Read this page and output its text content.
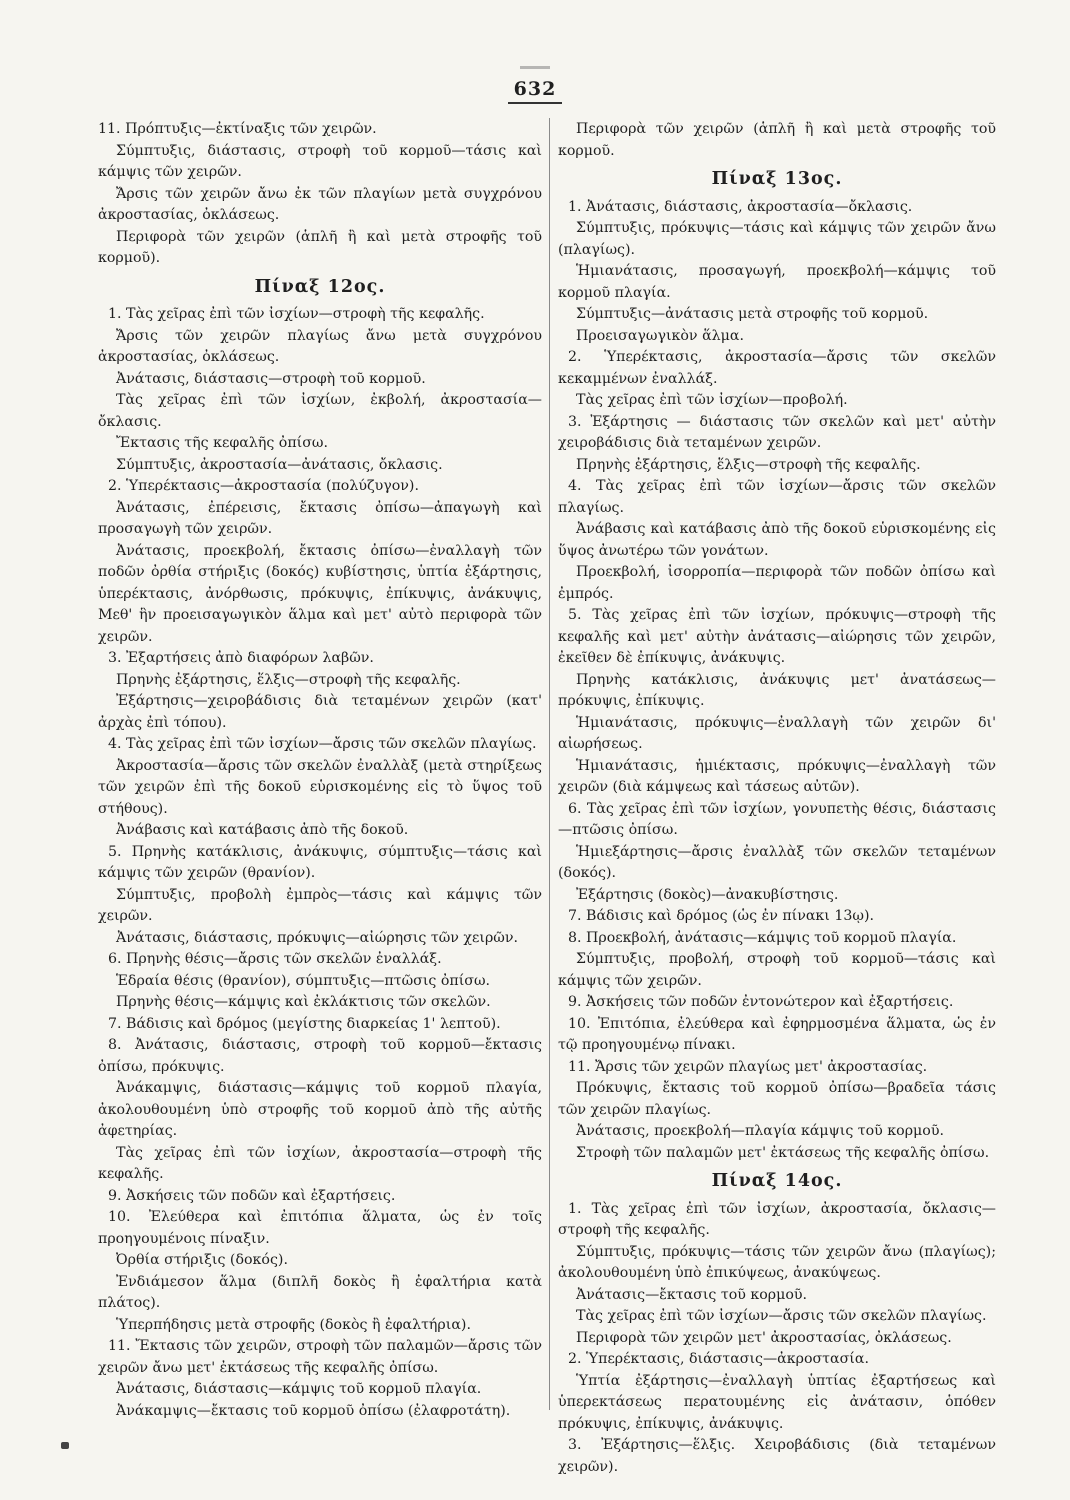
632
11. Πρόπτυξις—ἐκτίναξις τῶν χειρῶν.
Σύμπτυξις, διάστασις, στροφὴ τοῦ κορμοῦ—τάσις καὶ κάμψις τῶν χειρῶν.
Ἄρσις τῶν χειρῶν ἄνω ἐκ τῶν πλαγίων μετὰ συγχρόνου ἀκροστασίας, ὀκλάσεως.
Περιφορὰ τῶν χειρῶν (ἁπλῆ ἢ καὶ μετὰ στροφῆς τοῦ κορμοῦ).
Πίναξ 12ος.
1. Τὰς χεῖρας ἐπὶ τῶν ἰσχίων—στροφὴ τῆς κεφαλῆς.
Ἄρσις τῶν χειρῶν πλαγίως ἄνω μετὰ συγχρόνου ἀκροστασίας, ὀκλάσεως.
Ἀνάτασις, διάστασις—στροφὴ τοῦ κορμοῦ.
Τὰς χεῖρας ἐπὶ τῶν ἰσχίων, ἐκβολή, ἀκροστασία—ὄκλασις.
Ἔκτασις τῆς κεφαλῆς ὀπίσω.
Σύμπτυξις, ἀκροστασία—ἀνάτασις, ὄκλασις.
2. Ὑπερέκτασις—ἀκροστασία (πολύζυγον).
Ἀνάτασις, ἐπέρεισις, ἔκτασις ὀπίσω—ἀπαγωγὴ καὶ προσαγωγὴ τῶν χειρῶν.
Ἀνάτασις, προεκβολή, ἔκτασις ὀπίσω—ἐναλλαγὴ τῶν ποδῶν ὀρθία στήριξις (δοκός) κυβίστησις, ὑπτία ἐξάρτησις, ὑπερέκτασις, ἀνόρθωσις, πρόκυψις, ἐπίκυψις, ἀνάκυψις, Μεθ' ἣν προεισαγωγικὸν ἅλμα καὶ μετ' αὐτὸ περιφορὰ τῶν χειρῶν.
3. Ἐξαρτήσεις ἀπὸ διαφόρων λαβῶν.
Πρηνὴς ἐξάρτησις, ἕλξις—στροφὴ τῆς κεφαλῆς.
Ἐξάρτησις—χειροβάδισις διὰ τεταμένων χειρῶν (κατ' ἀρχὰς ἐπὶ τόπου).
4. Τὰς χεῖρας ἐπὶ τῶν ἰσχίων—ἄρσις τῶν σκελῶν πλαγίως.
Ἀκροστασία—ἄρσις τῶν σκελῶν ἐναλλὰξ (μετὰ στηρίξεως τῶν χειρῶν ἐπὶ τῆς δοκοῦ εὑρισκομένης εἰς τὸ ὕψος τοῦ στήθους).
Ἀνάβασις καὶ κατάβασις ἀπὸ τῆς δοκοῦ.
5. Πρηνὴς κατάκλισις, ἀνάκυψις, σύμπτυξις—τάσις καὶ κάμψις τῶν χειρῶν (θρανίον).
Σύμπτυξις, προβολὴ ἐμπρὸς—τάσις καὶ κάμψις τῶν χειρῶν.
Ἀνάτασις, διάστασις, πρόκυψις—αἰώρησις τῶν χειρῶν.
6. Πρηνὴς θέσις—ἄρσις τῶν σκελῶν ἐναλλάξ.
Ἑδραία θέσις (θρανίον), σύμπτυξις—πτῶσις ὀπίσω.
Πρηνὴς θέσις—κάμψις καὶ ἐκλάκτισις τῶν σκελῶν.
7. Βάδισις καὶ δρόμος (μεγίστης διαρκείας 1' λεπτοῦ).
8. Ἀνάτασις, διάστασις, στροφὴ τοῦ κορμοῦ—ἔκτασις ὀπίσω, πρόκυψις.
Ἀνάκαμψις, διάστασις—κάμψις τοῦ κορμοῦ πλαγία, ἀκολουθουμένη ὑπὸ στροφῆς τοῦ κορμοῦ ἀπὸ τῆς αὐτῆς ἀφετηρίας.
Τὰς χεῖρας ἐπὶ τῶν ἰσχίων, ἀκροστασία—στροφὴ τῆς κεφαλῆς.
9. Ἀσκήσεις τῶν ποδῶν καὶ ἐξαρτήσεις.
10. Ἐλεύθερα καὶ ἐπιτόπια ἅλματα, ὡς ἐν τοῖς προηγουμένοις πίναξιν.
Ὀρθία στήριξις (δοκός).
Ἐνδιάμεσον ἅλμα (διπλῆ δοκὸς ἢ ἐφαλτήρια κατὰ πλάτος).
Ὑπερπήδησις μετὰ στροφῆς (δοκὸς ἢ ἐφαλτήρια).
11. Ἔκτασις τῶν χειρῶν, στροφὴ τῶν παλαμῶν—ἄρσις τῶν χειρῶν ἄνω μετ' ἐκτάσεως τῆς κεφαλῆς ὀπίσω.
Ἀνάτασις, διάστασις—κάμψις τοῦ κορμοῦ πλαγία.
Ἀνάκαμψις—ἔκτασις τοῦ κορμοῦ ὀπίσω (ἐλαφροτάτη).
Περιφορὰ τῶν χειρῶν (ἁπλῆ ἢ καὶ μετὰ στροφῆς τοῦ κορμοῦ.
Πίναξ 13ος.
1. Ἀνάτασις, διάστασις, ἀκροστασία—ὄκλασις.
Σύμπτυξις, πρόκυψις—τάσις καὶ κάμψις τῶν χειρῶν ἄνω (πλαγίως).
Ἡμιανάτασις, προσαγωγή, προεκβολή—κάμψις τοῦ κορμοῦ πλαγία.
Σύμπτυξις—ἀνάτασις μετὰ στροφῆς τοῦ κορμοῦ.
Προεισαγωγικὸν ἅλμα.
2. Ὑπερέκτασις, ἀκροστασία—ἄρσις τῶν σκελῶν κεκαμμένων ἐναλλάξ.
Τὰς χεῖρας ἐπὶ τῶν ἰσχίων—προβολή.
3. Ἐξάρτησις — διάστασις τῶν σκελῶν καὶ μετ' αὐτὴν χειροβάδισις διὰ τεταμένων χειρῶν.
Πρηνὴς ἐξάρτησις, ἕλξις—στροφὴ τῆς κεφαλῆς.
4. Τὰς χεῖρας ἐπὶ τῶν ἰσχίων—ἄρσις τῶν σκελῶν πλαγίως.
Ἀνάβασις καὶ κατάβασις ἀπὸ τῆς δοκοῦ εὑρισκομένης εἰς ὕψος ἀνωτέρω τῶν γονάτων.
Προεκβολή, ἰσορροπία—περιφορὰ τῶν ποδῶν ὀπίσω καὶ ἐμπρός.
5. Τὰς χεῖρας ἐπὶ τῶν ἰσχίων, πρόκυψις—στροφὴ τῆς κεφαλῆς καὶ μετ' αὐτὴν ἀνάτασις—αἰώρησις τῶν χειρῶν, ἐκεῖθεν δὲ ἐπίκυψις, ἀνάκυψις.
Πρηνὴς κατάκλισις, ἀνάκυψις μετ' ἀνατάσεως—πρόκυψις, ἐπίκυψις.
Ἡμιανάτασις, πρόκυψις—ἐναλλαγὴ τῶν χειρῶν δι' αἰωρήσεως.
Ἡμιανάτασις, ἡμιέκτασις, πρόκυψις—ἐναλλαγὴ τῶν χειρῶν (διὰ κάμψεως καὶ τάσεως αὐτῶν).
6. Τὰς χεῖρας ἐπὶ τῶν ἰσχίων, γονυπετὴς θέσις, διάστασις—πτῶσις ὀπίσω.
Ἡμιεξάρτησις—ἄρσις ἐναλλὰξ τῶν σκελῶν τεταμένων (δοκός).
Ἐξάρτησις (δοκὸς)—ἀνακυβίστησις.
7. Βάδισις καὶ δρόμος (ὡς ἐν πίνακι 13ῳ).
8. Προεκβολή, ἀνάτασις—κάμψις τοῦ κορμοῦ πλαγία.
Σύμπτυξις, προβολή, στροφὴ τοῦ κορμοῦ—τάσις καὶ κάμψις τῶν χειρῶν.
9. Ἀσκήσεις τῶν ποδῶν ἐντονώτερον καὶ ἐξαρτήσεις.
10. Ἐπιτόπια, ἐλεύθερα καὶ ἐφηρμοσμένα ἅλματα, ὡς ἐν τῷ προηγουμένῳ πίνακι.
11. Ἄρσις τῶν χειρῶν πλαγίως μετ' ἀκροστασίας.
Πρόκυψις, ἔκτασις τοῦ κορμοῦ ὀπίσω—βραδεῖα τάσις τῶν χειρῶν πλαγίως.
Ἀνάτασις, προεκβολή—πλαγία κάμψις τοῦ κορμοῦ.
Στροφὴ τῶν παλαμῶν μετ' ἐκτάσεως τῆς κεφαλῆς ὀπίσω.
Πίναξ 14ος.
1. Τὰς χεῖρας ἐπὶ τῶν ἰσχίων, ἀκροστασία, ὄκλασις—στροφὴ τῆς κεφαλῆς.
Σύμπτυξις, πρόκυψις—τάσις τῶν χειρῶν ἄνω (πλαγίως); ἀκολουθουμένη ὑπὸ ἐπικύψεως, ἀνακύψεως.
Ἀνάτασις—ἔκτασις τοῦ κορμοῦ.
Τὰς χεῖρας ἐπὶ τῶν ἰσχίων—ἄρσις τῶν σκελῶν πλαγίως.
Περιφορὰ τῶν χειρῶν μετ' ἀκροστασίας, ὀκλάσεως.
2. Ὑπερέκτασις, διάστασις—ἀκροστασία.
Ὑπτία ἐξάρτησις—ἐναλλαγὴ ὑπτίας ἐξαρτήσεως καὶ ὑπερεκτάσεως περατουμένης εἰς ἀνάτασιν, ὁπόθεν πρόκυψις, ἐπίκυψις, ἀνάκυψις.
3. Ἐξάρτησις—ἕλξις. Χειροβάδισις (διὰ τεταμένων χειρῶν).
